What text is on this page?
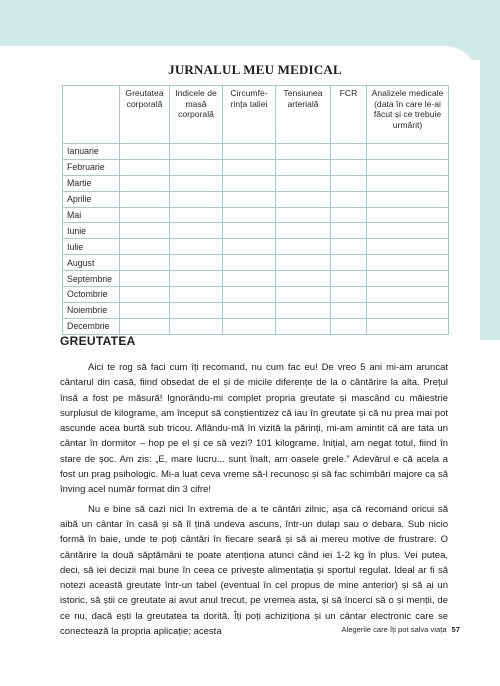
JURNALUL MEU MEDICAL
	Greutatea corporală	Indicele de masă corporală	Circumfe-rința taliei	Tensiunea arterială	FCR	Analizele medicale (data în care le-ai făcut și ce trebuie urmărit)
Ianuarie						
Februarie						
Martie						
Aprilie						
Mai						
Iunie						
Iulie						
August						
Septembrie						
Octombrie						
Noiembrie						
Decembrie						
GREUTATEA

Aici te rog să faci cum îți recomand, nu cum fac eu! De vreo 5 ani mi-am aruncat cântarul din casă, fiind obsedat de el și de micile diferențe de la o cântărire la alta. Prețul însă a fost pe măsură! Ignorându-mi complet propria greutate și mascând cu măiestrie surplusul de kilograme, am început să conștientizez că iau în greutate și că nu prea mai pot ascunde acea burtă sub tricou. Aflându-mă în vizită la părinți, mi-am amintit că are tata un cântar în dormitor – hop pe el și ce să vezi? 101 kilograme. Inițial, am negat totul, fiind în stare de șoc. Am zis: „E, mare lucru... sunt înalt, am oasele grele.” Adevărul e că acela a fost un prag psihologic. Mi-a luat ceva vreme să-l recunosc și să fac schimbări majore ca să înving acel număr format din 3 cifre!

Nu e bine să cazi nici în extrema de a te cântări zilnic, așa că recomand oricui să aibă un cântar în casă și să îl țină undeva ascuns, într-un dulap sau o debara. Sub nicio formă în baie, unde te poți cântări în fiecare seară și să ai mereu motive de frustrare. O cântărire la două săptămâni te poate atenționa atunci când iei 1-2 kg în plus. Vei putea, deci, să iei decizii mai bune în ceea ce privește alimentația și sportul regulat. Ideal ar fi să notezi această greutate într-un tabel (eventual în cel propus de mine anterior) și să ai un istoric, să știi ce greutate ai avut anul trecut, pe vremea asta, și să încerci să o și menții, de ce nu, dacă ești la greutatea ta dorită. Îți poți achiziționa și un cântar electronic care se conectează la propria aplicație; acesta	Alegerile care îți pot salva viața 57
